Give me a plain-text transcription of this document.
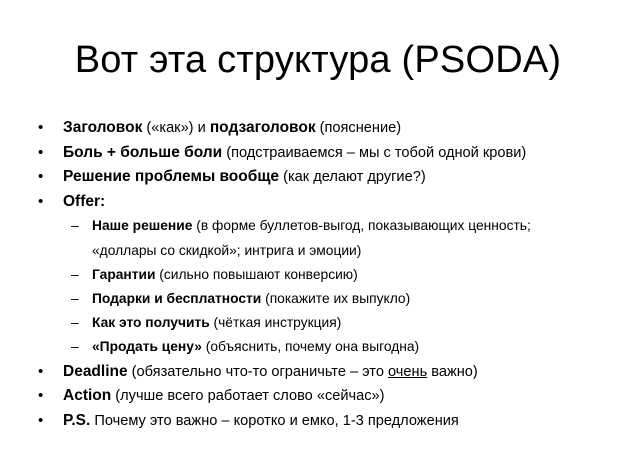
Вот эта структура (PSODA)
• Заголовок («как») и подзаголовок (пояснение)
• Боль + больше боли (подстраиваемся – мы с тобой одной крови)
• Решение проблемы вообще (как делают другие?)
• Offer:
– Наше решение (в форме буллетов-выгод, показывающих ценность;
«доллары со скидкой»; интрига и эмоции)
– Гарантии (сильно повышают конверсию)
– Подарки и бесплатности (покажите их выпукло)
– Как это получить (чёткая инструкция)
– «Продать цену» (объяснить, почему она выгодна)
• Deadline (обязательно что-то ограничьте – это очень важно)
• Action (лучше всего работает слово «сейчас»)
• P.S. Почему это важно – коротко и емко, 1-3 предложения
